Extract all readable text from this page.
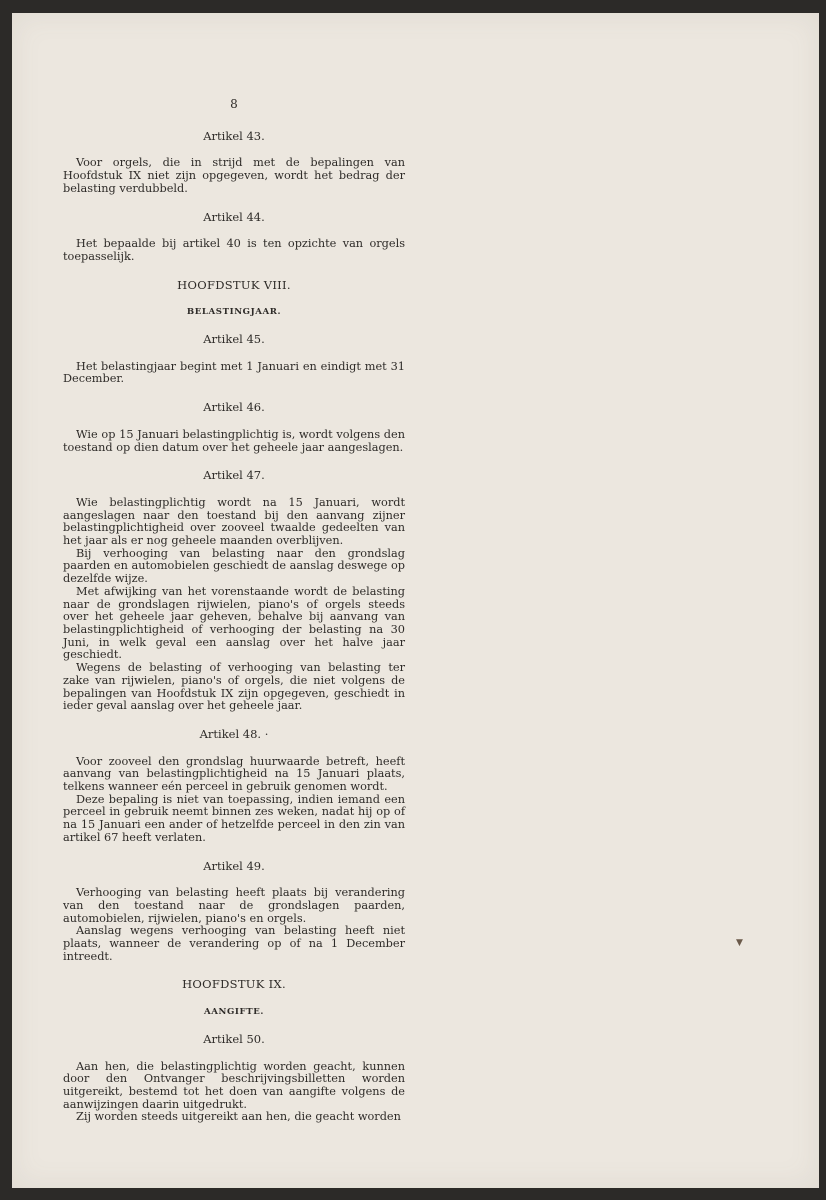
8
Artikel 43.
Voor orgels, die in strijd met de bepalingen van Hoofdstuk IX niet zijn opgegeven, wordt het bedrag der belasting verdubbeld.
Artikel 44.
Het bepaalde bij artikel 40 is ten opzichte van orgels toepasselijk.
HOOFDSTUK VIII.
BELASTINGJAAR.
Artikel 45.
Het belastingjaar begint met 1 Januari en eindigt met 31 December.
Artikel 46.
Wie op 15 Januari belastingplichtig is, wordt volgens den toestand op dien datum over het geheele jaar aangeslagen.
Artikel 47.
Wie belastingplichtig wordt na 15 Januari, wordt aangeslagen naar den toestand bij den aanvang zijner belastingplichtigheid over zooveel twaalde gedeelten van het jaar als er nog geheele maanden overblijven.
Bij verhooging van belasting naar den grondslag paarden en automobielen geschiedt de aanslag deswege op dezelfde wijze.
Met afwijking van het vorenstaande wordt de belasting naar de grondslagen rijwielen, piano's of orgels steeds over het geheele jaar geheven, behalve bij aanvang van belastingplichtigheid of verhooging der belasting na 30 Juni, in welk geval een aanslag over het halve jaar geschiedt.
Wegens de belasting of verhooging van belasting ter zake van rijwielen, piano's of orgels, die niet volgens de bepalingen van Hoofdstuk IX zijn opgegeven, geschiedt in ieder geval aanslag over het geheele jaar.
Artikel 48. ·
Voor zooveel den grondslag huurwaarde betreft, heeft aanvang van belastingplichtigheid na 15 Januari plaats, telkens wanneer eén perceel in gebruik genomen wordt.
Deze bepaling is niet van toepassing, indien iemand een perceel in gebruik neemt binnen zes weken, nadat hij op of na 15 Januari een ander of hetzelfde perceel in den zin van artikel 67 heeft verlaten.
Artikel 49.
Verhooging van belasting heeft plaats bij verandering van den toestand naar de grondslagen paarden, automobielen, rijwielen, piano's en orgels.
Aanslag wegens verhooging van belasting heeft niet plaats, wanneer de verandering op of na 1 December intreedt.
HOOFDSTUK IX.
AANGIFTE.
Artikel 50.
Aan hen, die belastingplichtig worden geacht, kunnen door den Ontvanger beschrijvingsbilletten worden uitgereikt, bestemd tot het doen van aangifte volgens de aanwijzingen daarin uitgedrukt.
Zij worden steeds uitgereikt aan hen, die geacht worden
▼
